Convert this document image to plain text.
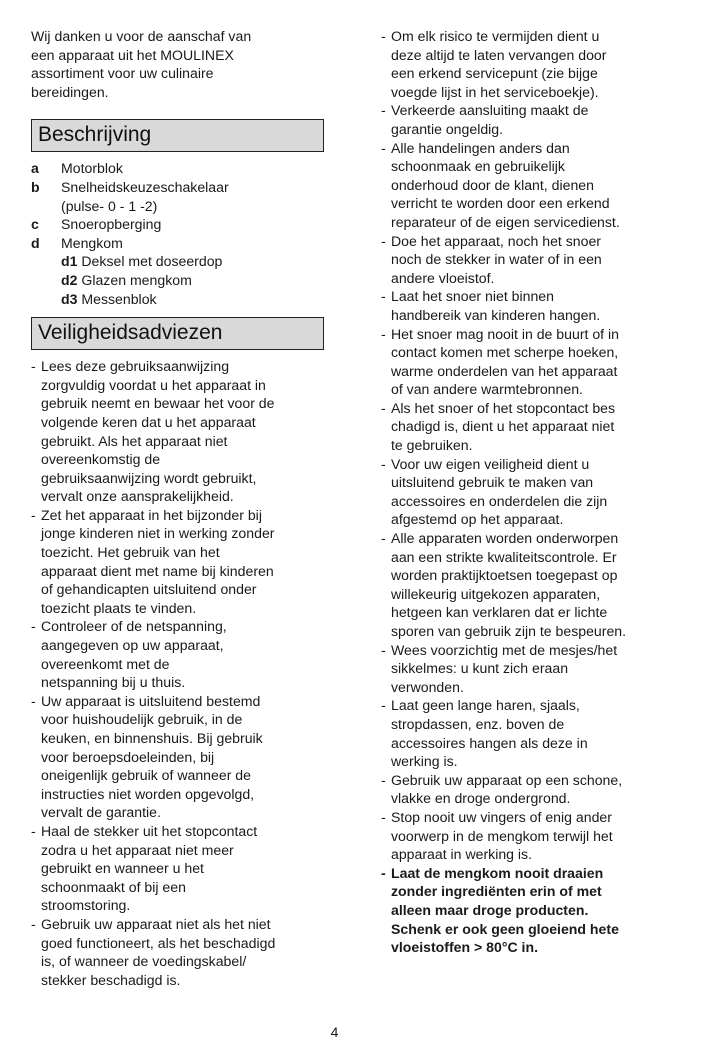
Wij danken u voor de aanschaf van

een apparaat uit het MOULINEX

assortiment voor uw culinaire

bereidingen.

Beschrijving
a	Motorblok
b	Snelheidskeuzeschakelaar
(pulse- 0 - 1 -2)
c	Snoeropberging
d	Mengkom
d1 Deksel met doseerdop
d2 Glazen mengkom
d3 Messenblok
Veiligheidsadviezen

- Lees deze gebruiksaanwijzing

zorgvuldig voordat u het apparaat in

gebruik neemt en bewaar het voor de

volgende keren dat u het apparaat

gebruikt. Als het apparaat niet

overeenkomstig de

gebruiksaanwijzing wordt gebruikt,

vervalt onze aansprakelijkheid.

- Zet het apparaat in het bijzonder bij

jonge kinderen niet in werking zonder

toezicht. Het gebruik van het

apparaat dient met name bij kinderen

of gehandicapten uitsluitend onder

toezicht plaats te vinden.

- Controleer of de netspanning,

aangegeven op uw apparaat,

overeenkomt met de

netspanning bij u thuis.

- Uw apparaat is uitsluitend bestemd

voor huishoudelijk gebruik, in de

keuken, en binnenshuis. Bij gebruik

voor beroepsdoeleinden, bij

oneigenlijk gebruik of wanneer de

instructies niet worden opgevolgd,

vervalt de garantie.

- Haal de stekker uit het stopcontact

zodra u het apparaat niet meer

gebruikt en wanneer u het

schoonmaakt of bij een

stroomstoring.

- Gebruik uw apparaat niet als het niet

goed functioneert, als het beschadigd

is, of wanneer de voedingskabel/

stekker beschadigd is.

- Om elk risico te vermijden dient u

deze altijd te laten vervangen door

een erkend servicepunt (zie bijge

voegde lijst in het serviceboekje).

- Verkeerde aansluiting maakt de

garantie ongeldig.

- Alle handelingen anders dan

schoonmaak en gebruikelijk

onderhoud door de klant, dienen

verricht te worden door een erkend

reparateur of de eigen servicedienst.

- Doe het apparaat, noch het snoer

noch de stekker in water of in een

andere vloeistof.

- Laat het snoer niet binnen

handbereik van kinderen hangen.

- Het snoer mag nooit in de buurt of in

contact komen met scherpe hoeken,

warme onderdelen van het apparaat

of van andere warmtebronnen.

- Als het snoer of het stopcontact bes

chadigd is, dient u het apparaat niet

te gebruiken.

- Voor uw eigen veiligheid dient u

uitsluitend gebruik te maken van

accessoires en onderdelen die zijn

afgestemd op het apparaat.

- Alle apparaten worden onderworpen

aan een strikte kwaliteitscontrole. Er

worden praktijktoetsen toegepast op

willekeurig uitgekozen apparaten,

hetgeen kan verklaren dat er lichte

sporen van gebruik zijn te bespeuren.

- Wees voorzichtig met de mesjes/het

sikkelmes: u kunt zich eraan

verwonden.

- Laat geen lange haren, sjaals,

stropdassen, enz. boven de

accessoires hangen als deze in

werking is.

- Gebruik uw apparaat op een schone,

vlakke en droge ondergrond.

- Stop nooit uw vingers of enig ander

voorwerp in de mengkom terwijl het

apparaat in werking is.

- Laat de mengkom nooit draaien

zonder ingrediënten erin of met

alleen maar droge producten.

Schenk er ook geen gloeiend hete

vloeistoffen > 80°C in.

4
